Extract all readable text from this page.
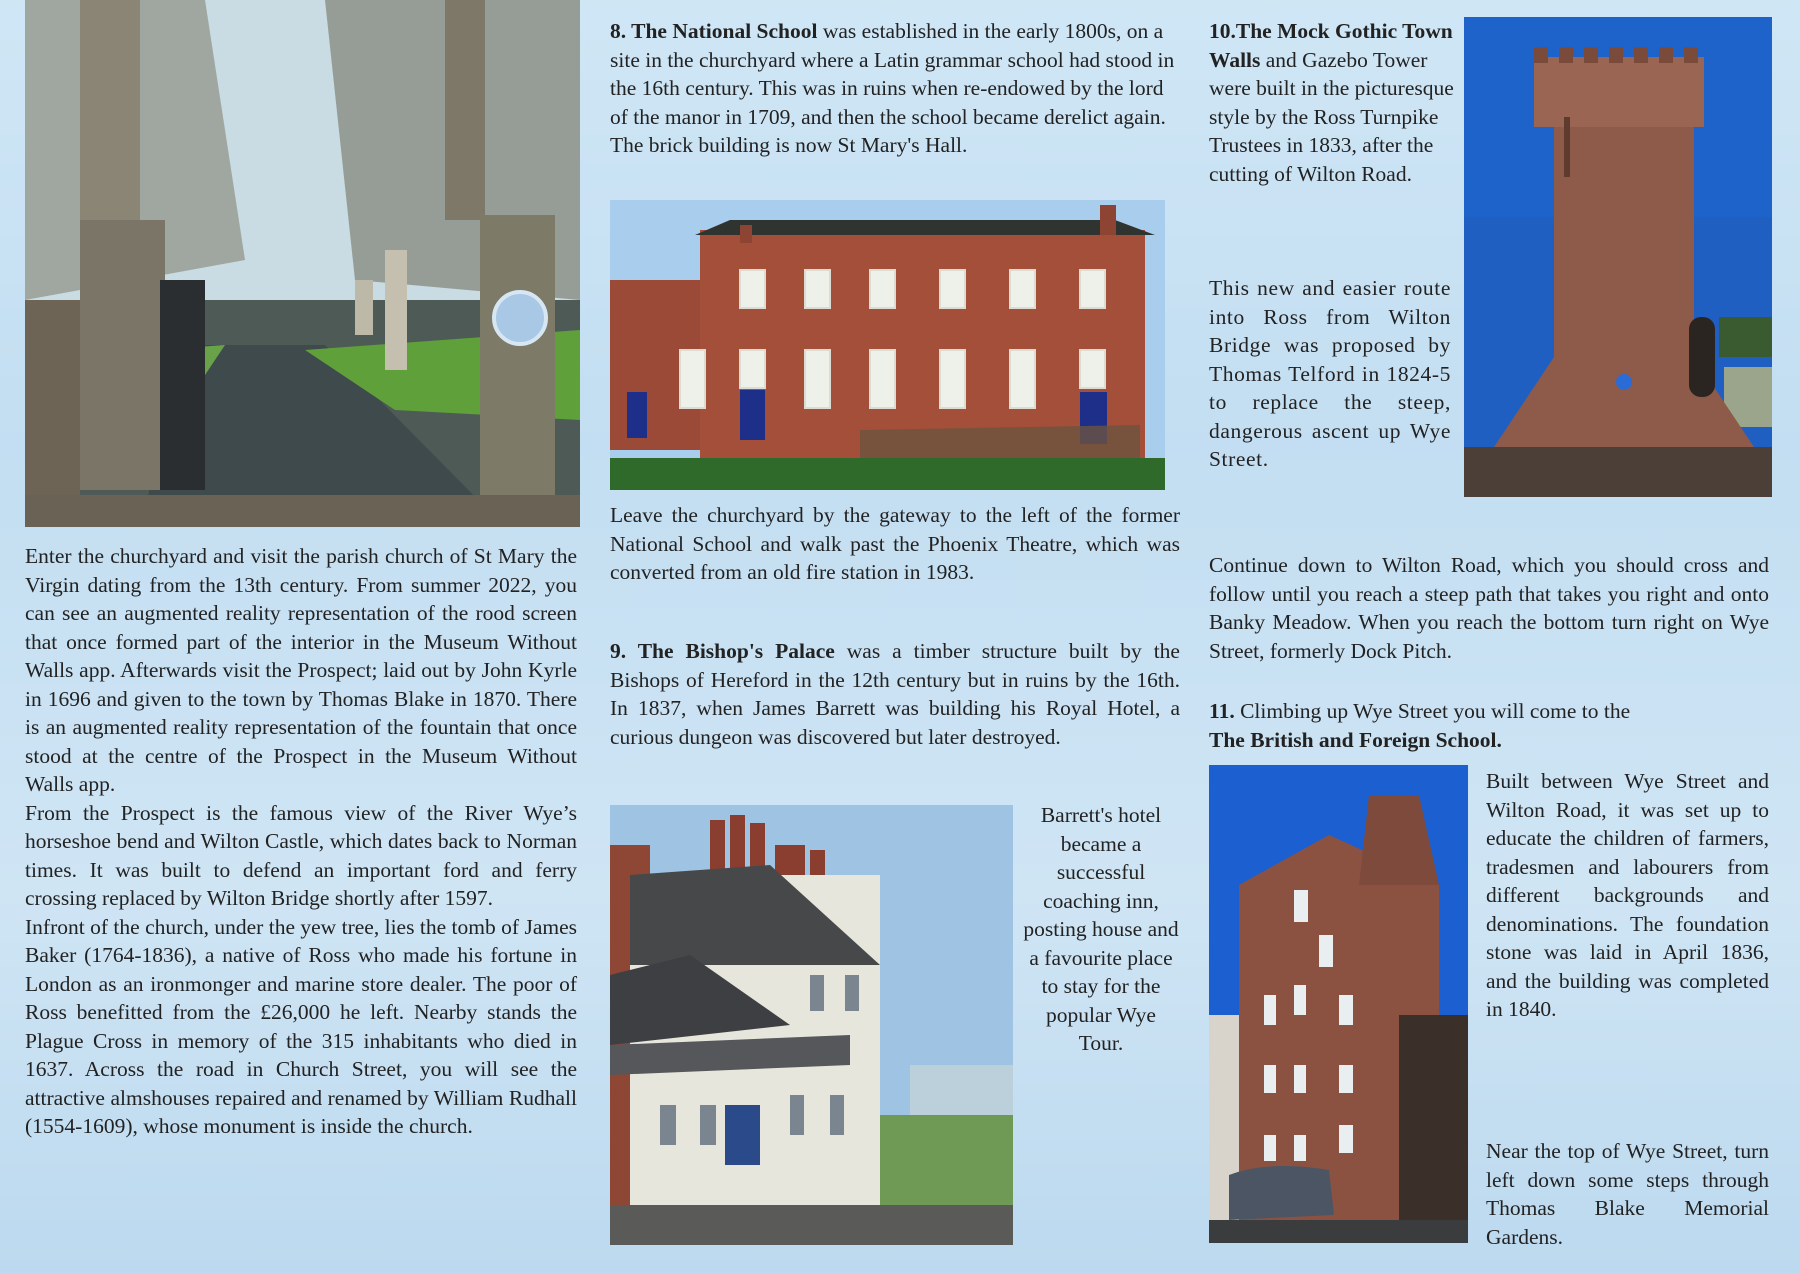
Enter the churchyard and visit the parish church of St Mary the Virgin dating from the 13th century. From summer 2022, you can see an augmented reality representation of the rood screen that once formed part of the interior in the Museum Without Walls app. Afterwards visit the Prospect; laid out by John Kyrle in 1696 and given to the town by Thomas Blake in 1870. There is an augmented reality representation of the fountain that once stood at the centre of the Prospect in the Museum Without Walls app.

From the Prospect is the famous view of the River Wye’s horseshoe bend and Wilton Castle, which dates back to Norman times. It was built to defend an important ford and ferry crossing replaced by Wilton Bridge shortly after 1597.

Infront of the church, under the yew tree, lies the tomb of James Baker (1764-1836), a native of Ross who made his fortune in London as an ironmonger and marine store dealer. The poor of Ross benefitted from the £26,000 he left. Nearby stands the Plague Cross in memory of the 315 inhabitants who died in 1637. Across the road in Church Street, you will see the attractive almshouses repaired and renamed by William Rudhall (1554-1609), whose monument is inside the church.

8. The National School was established in the early 1800s, on a site in the churchyard where a Latin grammar school had stood in the 16th century. This was in ruins when re-endowed by the lord of the manor in 1709, and then the school became derelict again. The brick building is now St Mary's Hall.
Leave the churchyard by the gateway to the left of the former National School and walk past the Phoenix Theatre, which was converted from an old fire station in 1983.
9. The Bishop's Palace was a timber structure built by the Bishops of Hereford in the 12th century but in ruins by the 16th. In 1837, when James Barrett was building his Royal Hotel, a curious dungeon was discovered but later destroyed.
Barrett's hotel became a successful coaching inn, posting house and a favourite place to stay for the popular Wye Tour.
10.The Mock Gothic Town Walls and Gazebo Tower were built in the picturesque style by the Ross Turnpike Trustees in 1833, after the cutting of Wilton Road.
This new and easier route into Ross from Wilton Bridge was proposed by Thomas Telford in 1824-5 to replace the steep, dangerous ascent up Wye Street.
Continue down to Wilton Road, which you should cross and follow until you reach a steep path that takes you right and onto Banky Meadow. When you reach the bottom turn right on Wye Street, formerly Dock Pitch.
11. Climbing up Wye Street you will come to the
The British and Foreign School.
Built between Wye Street and Wilton Road, it was set up to educate the children of farmers, tradesmen and labourers from different backgrounds and denominations. The foundation stone was laid in April 1836, and the building was completed in 1840.
Near the top of Wye Street, turn left down some steps through Thomas Blake Memorial Gardens.
